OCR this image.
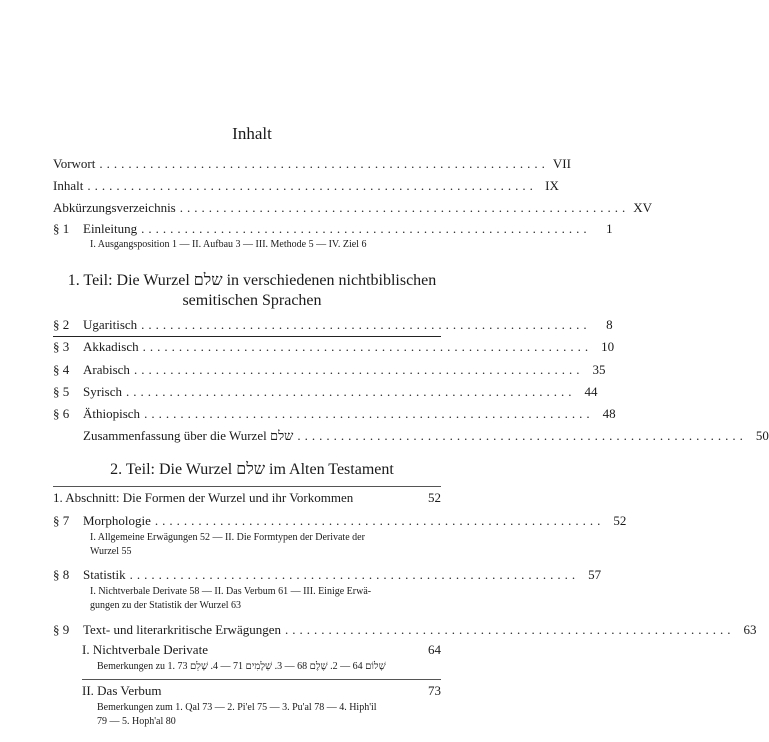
Inhalt
Vorwort .............................................................. VII
Inhalt .............................................................. IX
Abkürzungsverzeichnis .............................................................. XV
§ 1	Einleitung ..............................................................	1
I. Ausgangsposition 1 — II. Aufbau 3 — III. Methode 5 — IV. Ziel 6
1. Teil: Die Wurzel שלם in verschiedenen nichtbiblischen
semitischen Sprachen
§ 2	Ugaritisch ..............................................................	8
§ 3	Akkadisch .............................................................. 10
§ 4	Arabisch .............................................................. 35
§ 5	Syrisch .............................................................. 44
§ 6	Äthiopisch .............................................................. 48
Zusammenfassung über die Wurzel שלם .............................................................. 50
2. Teil: Die Wurzel שלם im Alten Testament
1. Abschnitt: Die Formen der Wurzel und ihr Vorkommen	52
§ 7	Morphologie .............................................................. 52
I. Allgemeine Erwägungen 52 — II. Die Formtypen der Derivate der
Wurzel 55
§ 8	Statistik .............................................................. 57
I. Nichtverbale Derivate 58 — II. Das Verbum 61 — III. Einige Erwä-
gungen zu der Statistik der Wurzel 63
§ 9	Text- und literarkritische Erwägungen .............................................................. 63
I. Nichtverbale Derivate	64
Bemerkungen zu 1. שָׁלוֹם 64 — 2. שֶׁלֶם 68 — 3. שְׁלָמִים 71 — 4. שָׁלֵם 73
II. Das Verbum	73
Bemerkungen zum 1. Qal 73 — 2. Pi'el 75 — 3. Pu'al 78 — 4. Hiph'il
79 — 5. Hoph'al 80
